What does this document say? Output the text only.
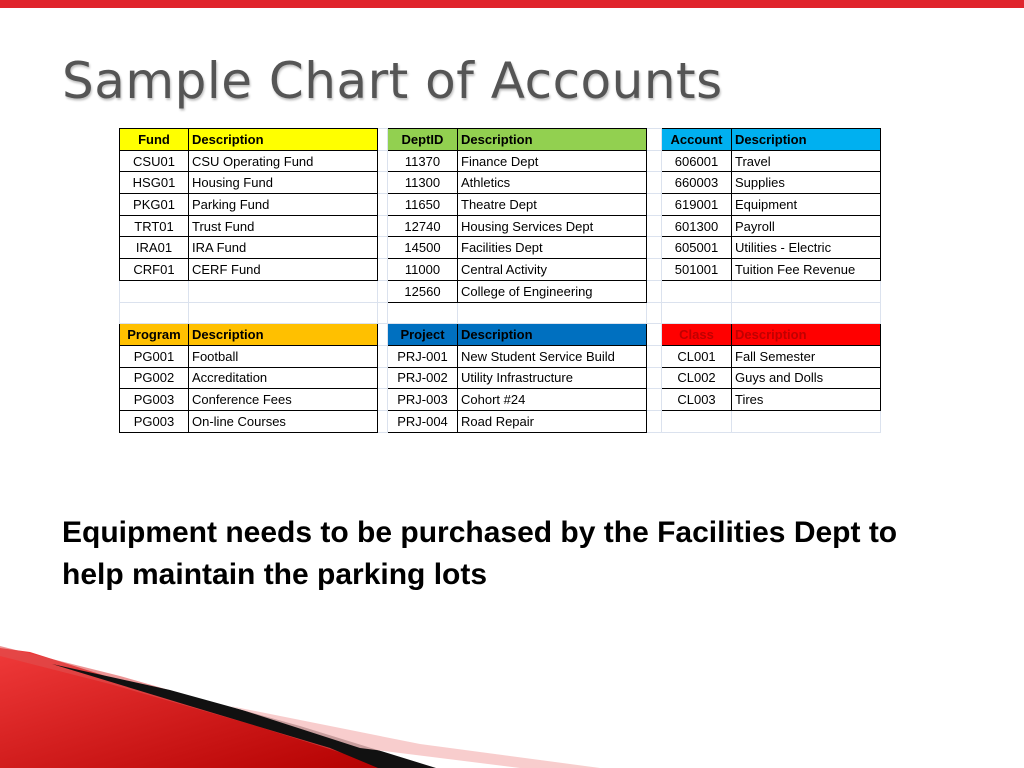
Sample Chart of Accounts
Fund	Description		DeptID	Description		Account	Description
CSU01	CSU Operating Fund		11370	Finance Dept		606001	Travel
HSG01	Housing Fund		11300	Athletics		660003	Supplies
PKG01	Parking Fund		11650	Theatre Dept		619001	Equipment
TRT01	Trust Fund		12740	Housing Services Dept		601300	Payroll
IRA01	IRA Fund		14500	Facilities Dept		605001	Utilities - Electric
CRF01	CERF Fund		11000	Central Activity		501001	Tuition Fee Revenue
			12560	College of Engineering			

Program	Description		Project	Description		Class	Description
PG001	Football		PRJ-001	New Student Service Build		CL001	Fall Semester
PG002	Accreditation		PRJ-002	Utility Infrastructure		CL002	Guys and Dolls
PG003	Conference Fees		PRJ-003	Cohort #24		CL003	Tires
PG003	On-line Courses		PRJ-004	Road Repair			
Equipment needs to be purchased by the Facilities Dept to help maintain the parking lots
